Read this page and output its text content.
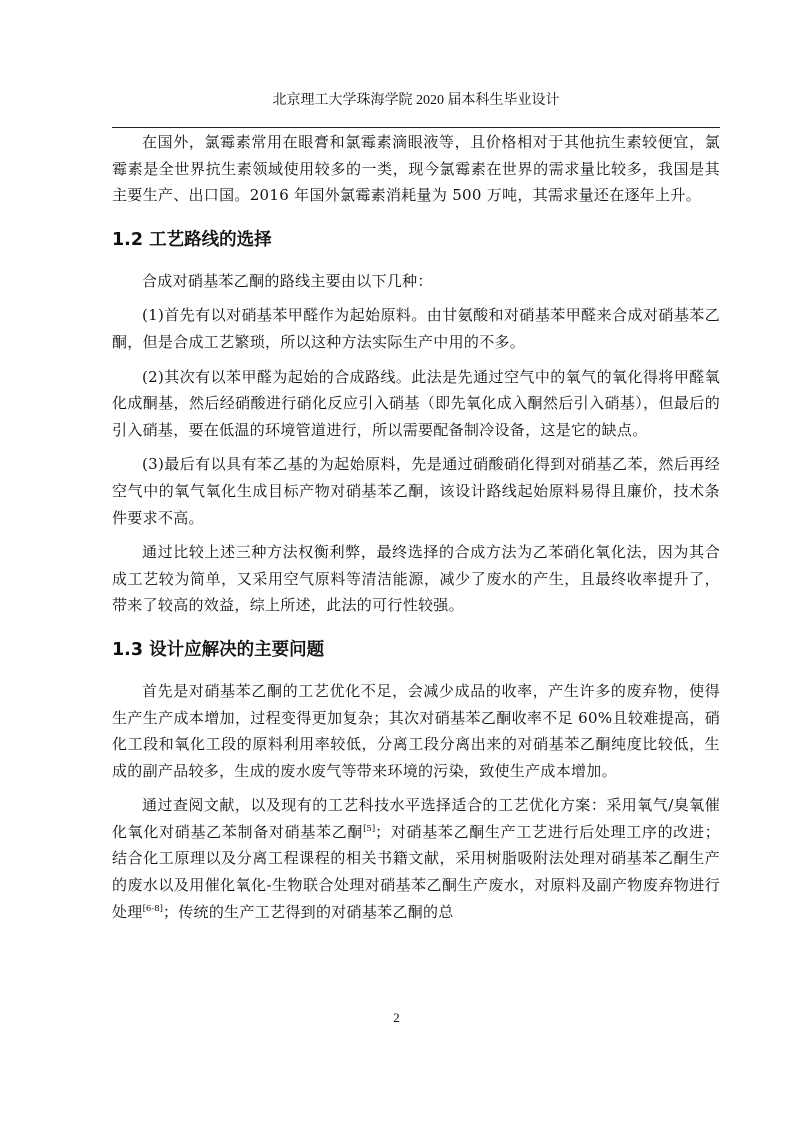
北京理工大学珠海学院 2020 届本科生毕业设计

在国外，氯霉素常用在眼膏和氯霉素滴眼液等，且价格相对于其他抗生素较便宜，氯霉素是全世界抗生素领域使用较多的一类，现今氯霉素在世界的需求量比较多，我国是其主要生产、出口国。2016 年国外氯霉素消耗量为 500 万吨，其需求量还在逐年上升。

1.2 工艺路线的选择

合成对硝基苯乙酮的路线主要由以下几种：

(1)首先有以对硝基苯甲醛作为起始原料。由甘氨酸和对硝基苯甲醛来合成对硝基苯乙酮，但是合成工艺繁琐，所以这种方法实际生产中用的不多。

(2)其次有以苯甲醛为起始的合成路线。此法是先通过空气中的氧气的氧化得将甲醛氧化成酮基，然后经硝酸进行硝化反应引入硝基（即先氧化成入酮然后引入硝基），但最后的引入硝基，要在低温的环境管道进行，所以需要配备制冷设备，这是它的缺点。

(3)最后有以具有苯乙基的为起始原料，先是通过硝酸硝化得到对硝基乙苯，然后再经空气中的氧气氧化生成目标产物对硝基苯乙酮，该设计路线起始原料易得且廉价，技术条件要求不高。

通过比较上述三种方法权衡利弊，最终选择的合成方法为乙苯硝化氧化法，因为其合成工艺较为简单，又采用空气原料等清洁能源，减少了废水的产生，且最终收率提升了，带来了较高的效益，综上所述，此法的可行性较强。

1.3 设计应解决的主要问题

首先是对硝基苯乙酮的工艺优化不足，会减少成品的收率，产生许多的废弃物，使得生产生产成本增加，过程变得更加复杂；其次对硝基苯乙酮收率不足 60%且较难提高，硝化工段和氧化工段的原料利用率较低，分离工段分离出来的对硝基苯乙酮纯度比较低，生成的副产品较多，生成的废水废气等带来环境的污染，致使生产成本增加。

通过查阅文献，以及现有的工艺科技水平选择适合的工艺优化方案：采用氧气/臭氧催化氧化对硝基乙苯制备对硝基苯乙酮[5]；对硝基苯乙酮生产工艺进行后处理工序的改进；结合化工原理以及分离工程课程的相关书籍文献，采用树脂吸附法处理对硝基苯乙酮生产的废水以及用催化氧化-生物联合处理对硝基苯乙酮生产废水，对原料及副产物废弃物进行处理[6-8]；传统的生产工艺得到的对硝基苯乙酮的总

2
